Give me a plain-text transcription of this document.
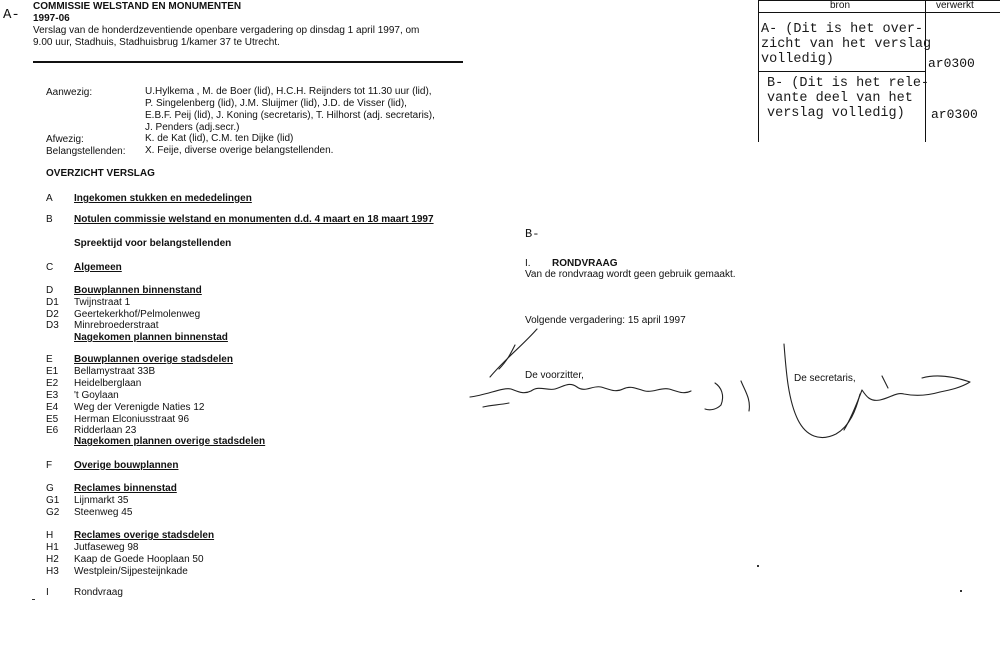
A-
COMMISSIE WELSTAND EN MONUMENTEN
1997-06
Verslag van de honderdzeventiende openbare vergadering op dinsdag 1 april 1997, om
9.00 uur, Stadhuis, Stadhuisbrug 1/kamer 37 te Utrecht.
Aanwezig:	U.Hylkema , M. de Boer (lid), H.C.H. Reijnders tot 11.30 uur (lid),
P. Singelenberg (lid), J.M. Sluijmer (lid), J.D. de Visser (lid),
E.B.F. Peij (lid), J. Koning (secretaris), T. Hilhorst (adj. secretaris),
J. Penders (adj.secr.)
Afwezig:	K. de Kat (lid), C.M. ten Dijke (lid)
Belangstellenden: X. Feije, diverse overige belangstellenden.
OVERZICHT VERSLAG
A Ingekomen stukken en mededelingen
B Notulen commissie welstand en monumenten d.d. 4 maart en 18 maart 1997
Spreektijd voor belangstellenden
C Algemeen
D Bouwplannen binnenstand
D1 Twijnstraat 1
D2 Geertekerkhof/Pelmolenweg
D3 Minrebroederstraat
Nagekomen plannen binnenstad
E Bouwplannen overige stadsdelen
E1 Bellamystraat 33B
E2 Heidelberglaan
E3 't Goylaan
E4 Weg der Verenigde Naties 12
E5 Herman Elconiusstraat 96
E6 Ridderlaan 23
Nagekomen plannen overige stadsdelen
F Overige bouwplannen
G Reclames binnenstad
G1 Lijnmarkt 35
G2 Steenweg 45
H Reclames overige stadsdelen
H1 Jutfaseweg 98
H2 Kaap de Goede Hooplaan 50
H3 Westplein/Sijpesteijnkade
I	Rondvraag
B-
I. RONDVRAAG
Van de rondvraag wordt geen gebruik gemaakt.
Volgende vergadering: 15 april 1997
De voorzitter,	De secretaris,
bron	verwerkt
A- (Dit is het over-
zicht van het verslag
volledig)	ar0300
B- (Dit is het rele-
vante deel van het
verslag volledig)	ar0300
